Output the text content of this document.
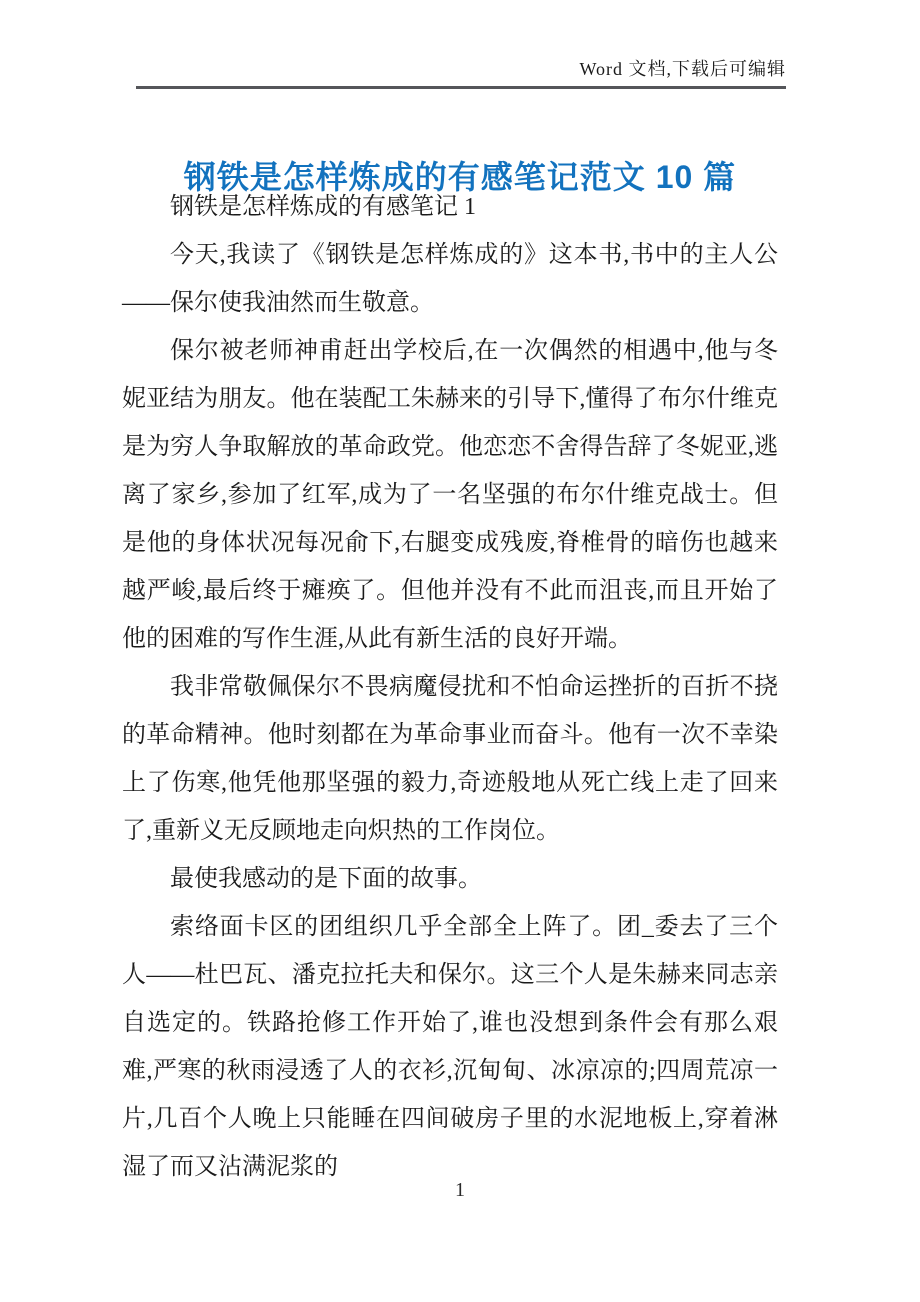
Word 文档,下载后可编辑
钢铁是怎样炼成的有感笔记范文 10 篇

钢铁是怎样炼成的有感笔记 1

今天,我读了《钢铁是怎样炼成的》这本书,书中的主人公——保尔使我油然而生敬意。

保尔被老师神甫赶出学校后,在一次偶然的相遇中,他与冬妮亚结为朋友。他在装配工朱赫来的引导下,懂得了布尔什维克是为穷人争取解放的革命政党。他恋恋不舍得告辞了冬妮亚,逃离了家乡,参加了红军,成为了一名坚强的布尔什维克战士。但是他的身体状况每况俞下,右腿变成残废,脊椎骨的暗伤也越来越严峻,最后终于瘫痪了。但他并没有不此而沮丧,而且开始了他的困难的写作生涯,从此有新生活的良好开端。

我非常敬佩保尔不畏病魔侵扰和不怕命运挫折的百折不挠的革命精神。他时刻都在为革命事业而奋斗。他有一次不幸染上了伤寒,他凭他那坚强的毅力,奇迹般地从死亡线上走了回来了,重新义无反顾地走向炽热的工作岗位。

最使我感动的是下面的故事。

索络面卡区的团组织几乎全部全上阵了。团_委去了三个人——杜巴瓦、潘克拉托夫和保尔。这三个人是朱赫来同志亲自选定的。铁路抢修工作开始了,谁也没想到条件会有那么艰难,严寒的秋雨浸透了人的衣衫,沉甸甸、冰凉凉的;四周荒凉一片,几百个人晚上只能睡在四间破房子里的水泥地板上,穿着淋湿了而又沾满泥浆的

1
